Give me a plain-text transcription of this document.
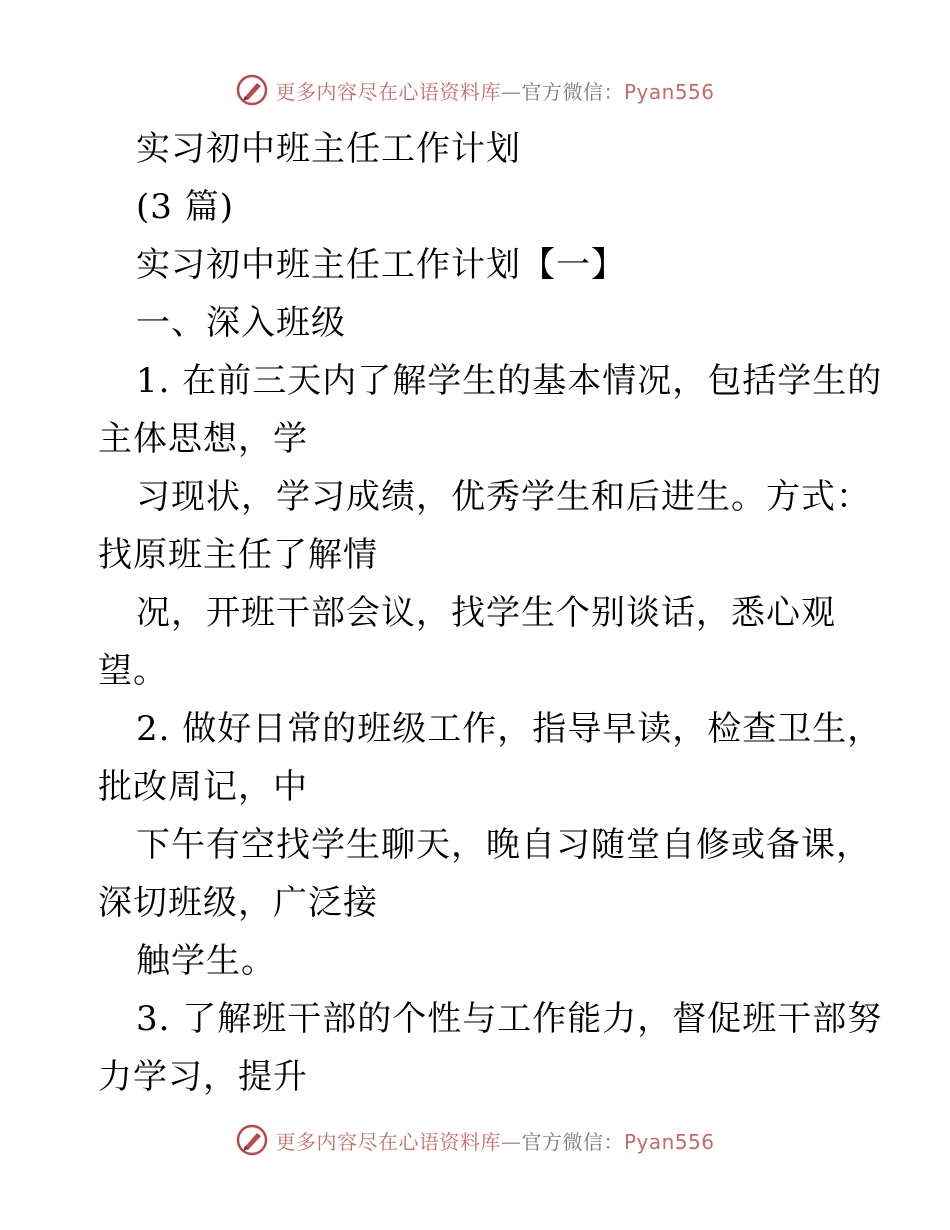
更多内容尽在心语资料库—官方微信：Pyan556
实习初中班主任工作计划
(3 篇)
实习初中班主任工作计划【一】
一、深入班级
1. 在前三天内了解学生的基本情况，包括学生的
主体思想，学
习现状，学习成绩，优秀学生和后进生。方式：
找原班主任了解情
况，开班干部会议，找学生个别谈话，悉心观
望。
2. 做好日常的班级工作，指导早读，检查卫生，
批改周记，中
下午有空找学生聊天，晚自习随堂自修或备课，
深切班级，广泛接
触学生。
3. 了解班干部的个性与工作能力，督促班干部努
力学习，提升
更多内容尽在心语资料库—官方微信：Pyan556
